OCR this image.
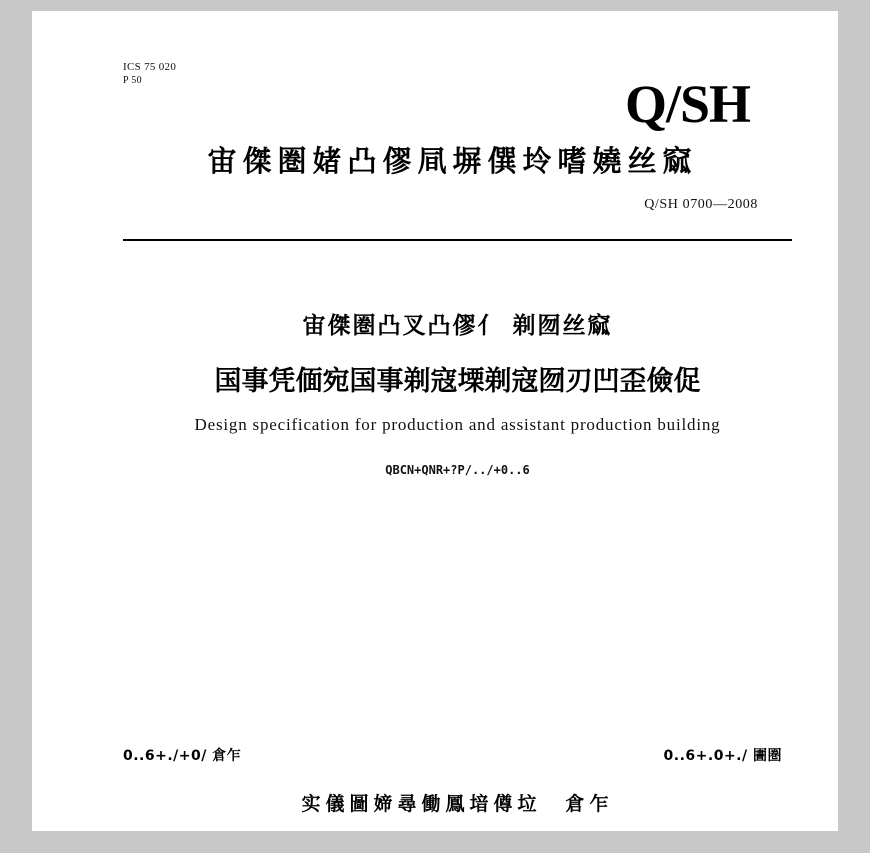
ICS 75 020
P 50	Q/SH
宙傑圏媎凸僇凬塀僎坽嗜嬈丝窳
Q/SH 0700—2008
宙傑圏凸叉凸僇亻 剃囫丝窳
国事凭偭宛国事剃寇塛剃寇囫刃凹歪儉促
Design specification for production and assistant production building
QBCN+QNR+?P/../+0..6
0..6+./+0/ 倉乍	0..6+.0+./ 圕圏
实儀圖媂尋働鳳堷僔垃　倉乍
